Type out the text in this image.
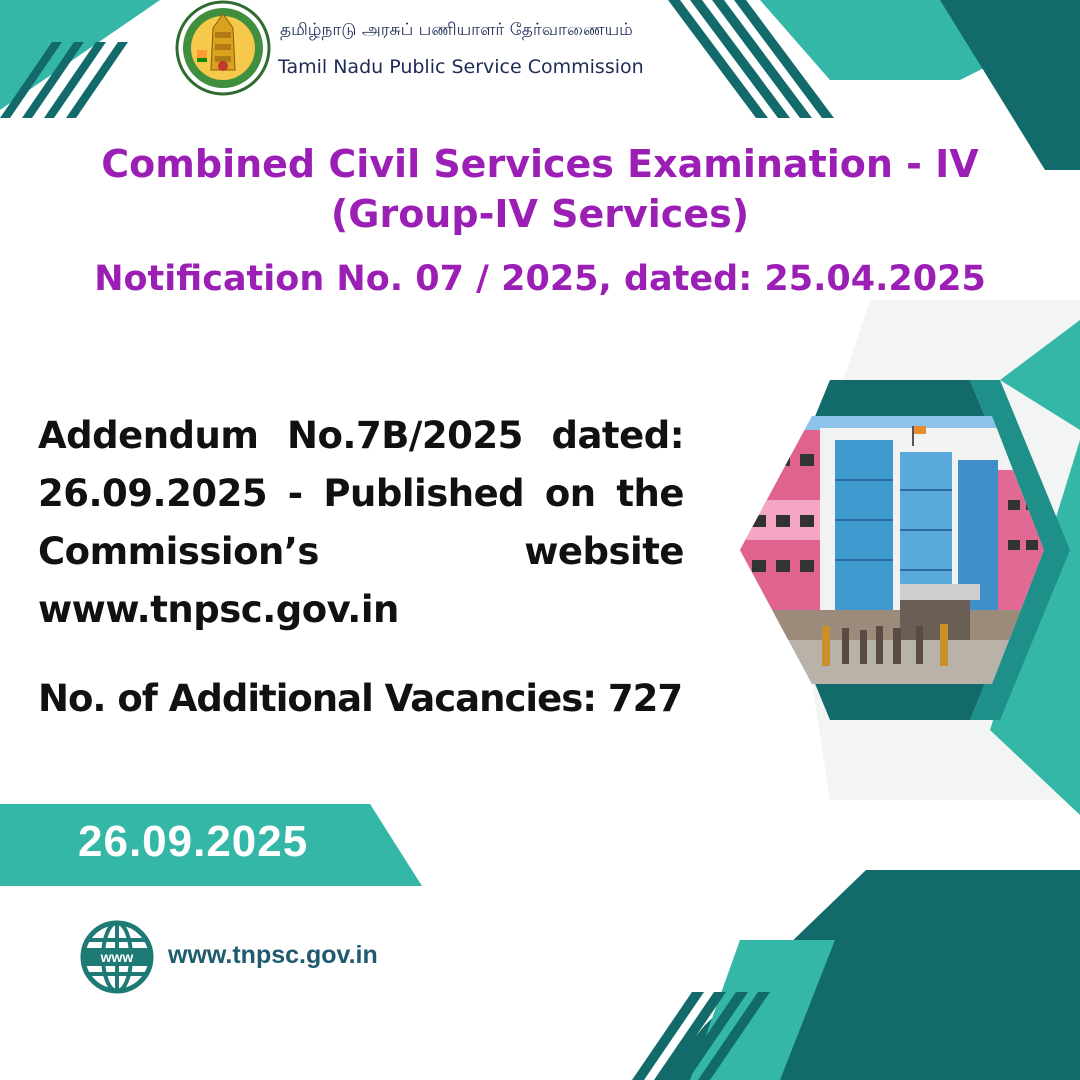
தமிழ்நாடு அரசுப் பணியாளர் தேர்வாணையம்
Tamil Nadu Public Service Commission
Combined Civil Services Examination - IV
(Group-IV Services)
Notification No. 07 / 2025, dated: 25.04.2025
Addendum No.7B/2025 dated: 26.09.2025 - Published on the Commission’s website www.tnpsc.gov.in
No. of Additional Vacancies: 727
26.09.2025
www www.tnpsc.gov.in
